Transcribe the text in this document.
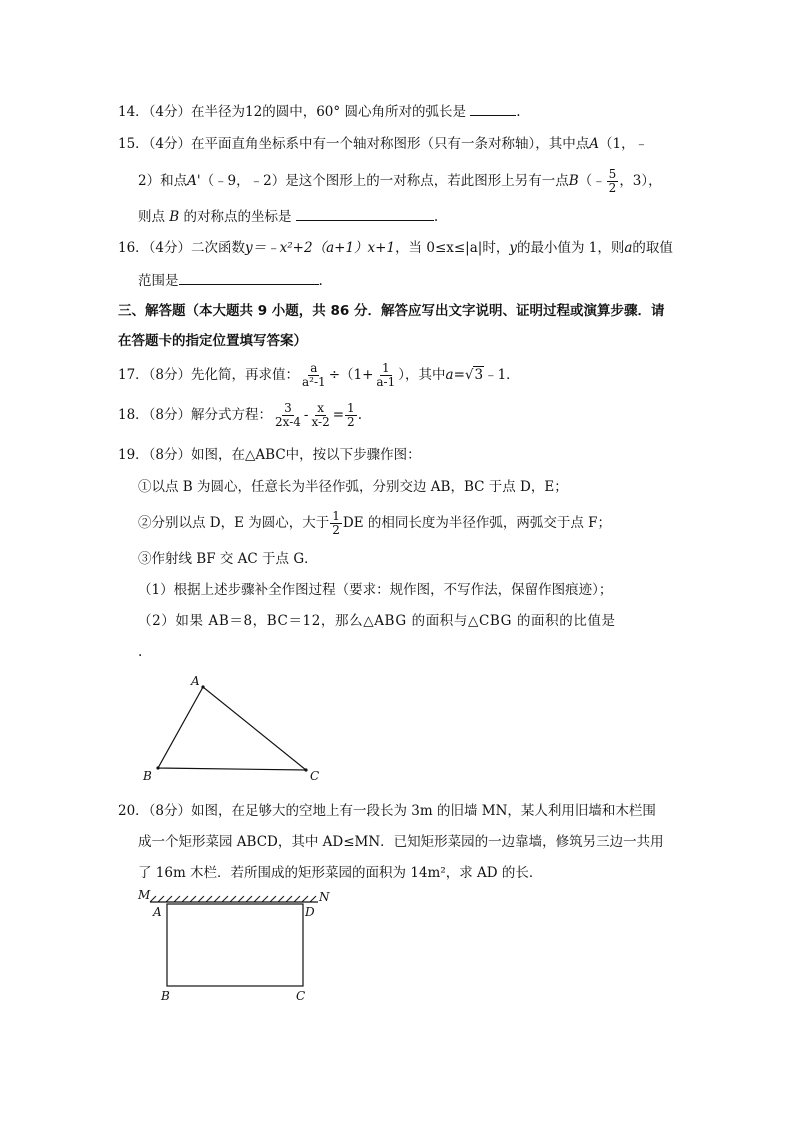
14．（4分）在半径为12的圆中，60° 圆心角所对的弧长是	.
15．（4分）在平面直角坐标系中有一个轴对称图形（只有一条对称轴），其中点A（1，﹣
2）和点A'（﹣9，﹣2）是这个图形上的一对称点，若此图形上另有一点B（﹣ $\frac{5}{2}$ ，3），
则点 B 的对称点的坐标是	.
16．（4分）二次函数y＝﹣x²+2（a+1）x+1，当 0≤x≤|a|时，y的最小值为 1，则a的取值
范围是	.
三、解答题（本大题共 9 小题，共 86 分．解答应写出文字说明、证明过程或演算步骤．请
在答题卡的指定位置填写答案）
17．（8分）先化简，再求值： $\frac{a}{\text{a²-1}} \div(1+ \frac{1}{a-1}$ ），其中a=√3﹣1．
18．（8分）解分式方程： $\frac{3}{2x-4} - \frac{x}{x-2} = \frac{1}{2}$ .
19．（8分）如图，在△ABC中，按以下步骤作图：
①以点 B 为圆心，任意长为半径作弧，分别交边 AB，BC 于点 D，E；
②分别以点 D，E 为圆心，大于 $\frac{1}{2}$ DE 的相同长度为半径作弧，两弧交于点 F；
③作射线 BF 交 AC 于点 G．
（1）根据上述步骤补全作图过程（要求：规作图，不写作法，保留作图痕迹）；
（2）如果 AB＝8，BC＝12，那么△ABG 的面积与△CBG 的面积的比值是
.
A
B	C
20．（8分）如图，在足够大的空地上有一段长为 3m 的旧墙 MN，某人利用旧墙和木栏围
成一个矩形菜园 ABCD，其中 AD≤MN．已知矩形菜园的一边靠墙，修筑另三边一共用
了 16m 木栏．若所围成的矩形菜园的面积为 14m²，求 AD 的长．
M	N
A	D
B	C
